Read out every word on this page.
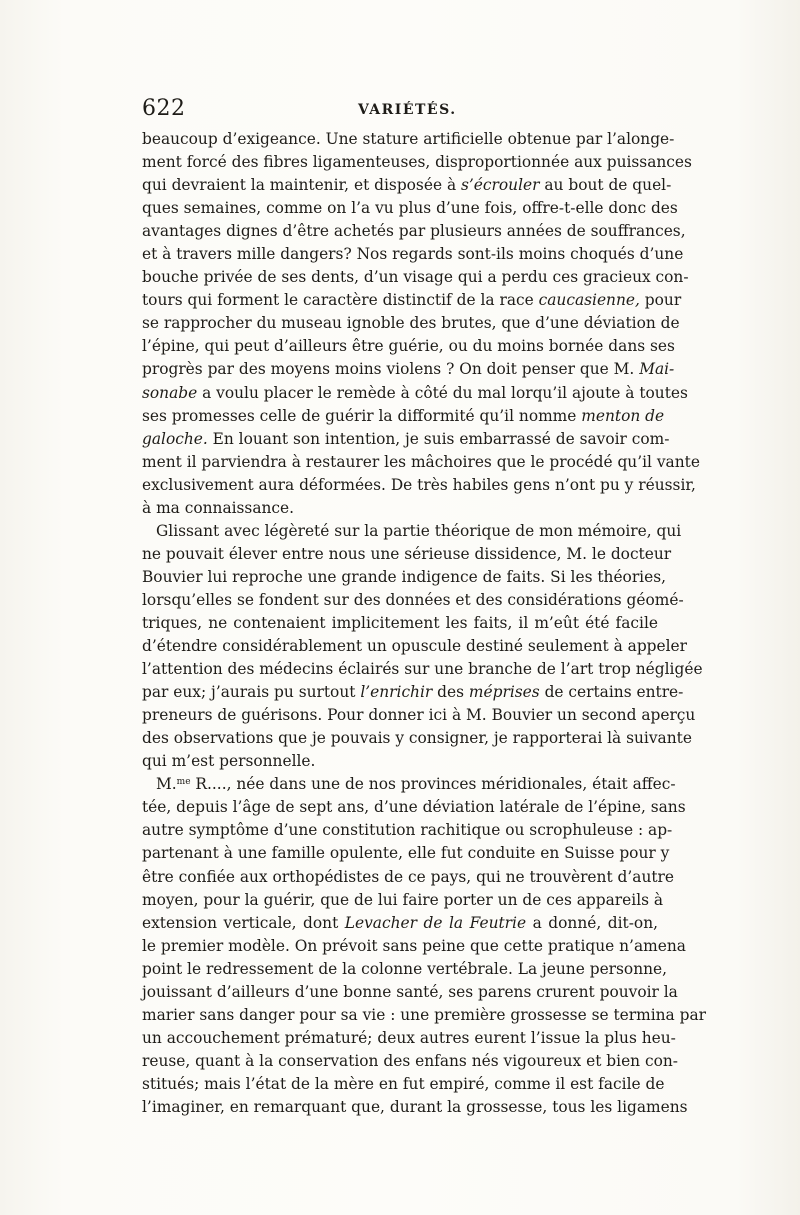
622	VARIÉTÉS.
beaucoup d’exigeance. Une stature artificielle obtenue par l’alonge-
ment forcé des fibres ligamenteuses, disproportionnée aux puissances
qui devraient la maintenir, et disposée à s’écrouler au bout de quel-
ques semaines, comme on l’a vu plus d’une fois, offre-t-elle donc des
avantages dignes d’être achetés par plusieurs années de souffrances,
et à travers mille dangers? Nos regards sont-ils moins choqués d’une
bouche privée de ses dents, d’un visage qui a perdu ces gracieux con-
tours qui forment le caractère distinctif de la race caucasienne, pour
se rapprocher du museau ignoble des brutes, que d’une déviation de
l’épine, qui peut d’ailleurs être guérie, ou du moins bornée dans ses
progrès par des moyens moins violens ? On doit penser que M. Mai-
sonabe a voulu placer le remède à côté du mal lorqu’il ajoute à toutes
ses promesses celle de guérir la difformité qu’il nomme menton de
galoche. En louant son intention, je suis embarrassé de savoir com-
ment il parviendra à restaurer les mâchoires que le procédé qu’il vante
exclusivement aura déformées. De très habiles gens n’ont pu y réussir,
à ma connaissance.
Glissant avec légèreté sur la partie théorique de mon mémoire, qui
ne pouvait élever entre nous une sérieuse dissidence, M. le docteur
Bouvier lui reproche une grande indigence de faits. Si les théories,
lorsqu’elles se fondent sur des données et des considérations géomé-
triques, ne contenaient implicitement les faits, il m’eût été facile
d’étendre considérablement un opuscule destiné seulement à appeler
l’attention des médecins éclairés sur une branche de l’art trop négligée
par eux; j’aurais pu surtout l’enrichir des méprises de certains entre-
preneurs de guérisons. Pour donner ici à M. Bouvier un second aperçu
des observations que je pouvais y consigner, je rapporterai là suivante
qui m’est personnelle.
M.$^{me}$ R...., née dans une de nos provinces méridionales, était affec-
tée, depuis l’âge de sept ans, d’une déviation latérale de l’épine, sans
autre symptôme d’une constitution rachitique ou scrophuleuse : ap-
partenant à une famille opulente, elle fut conduite en Suisse pour y
être confiée aux orthopédistes de ce pays, qui ne trouvèrent d’autre
moyen, pour la guérir, que de lui faire porter un de ces appareils à
extension verticale, dont Levacher de la Feutrie a donné, dit-on,
le premier modèle. On prévoit sans peine que cette pratique n’amena
point le redressement de la colonne vertébrale. La jeune personne,
jouissant d’ailleurs d’une bonne santé, ses parens crurent pouvoir la
marier sans danger pour sa vie : une première grossesse se termina par
un accouchement prématuré; deux autres eurent l’issue la plus heu-
reuse, quant à la conservation des enfans nés vigoureux et bien con-
stitués; mais l’état de la mère en fut empiré, comme il est facile de
l’imaginer, en remarquant que, durant la grossesse, tous les ligamens
